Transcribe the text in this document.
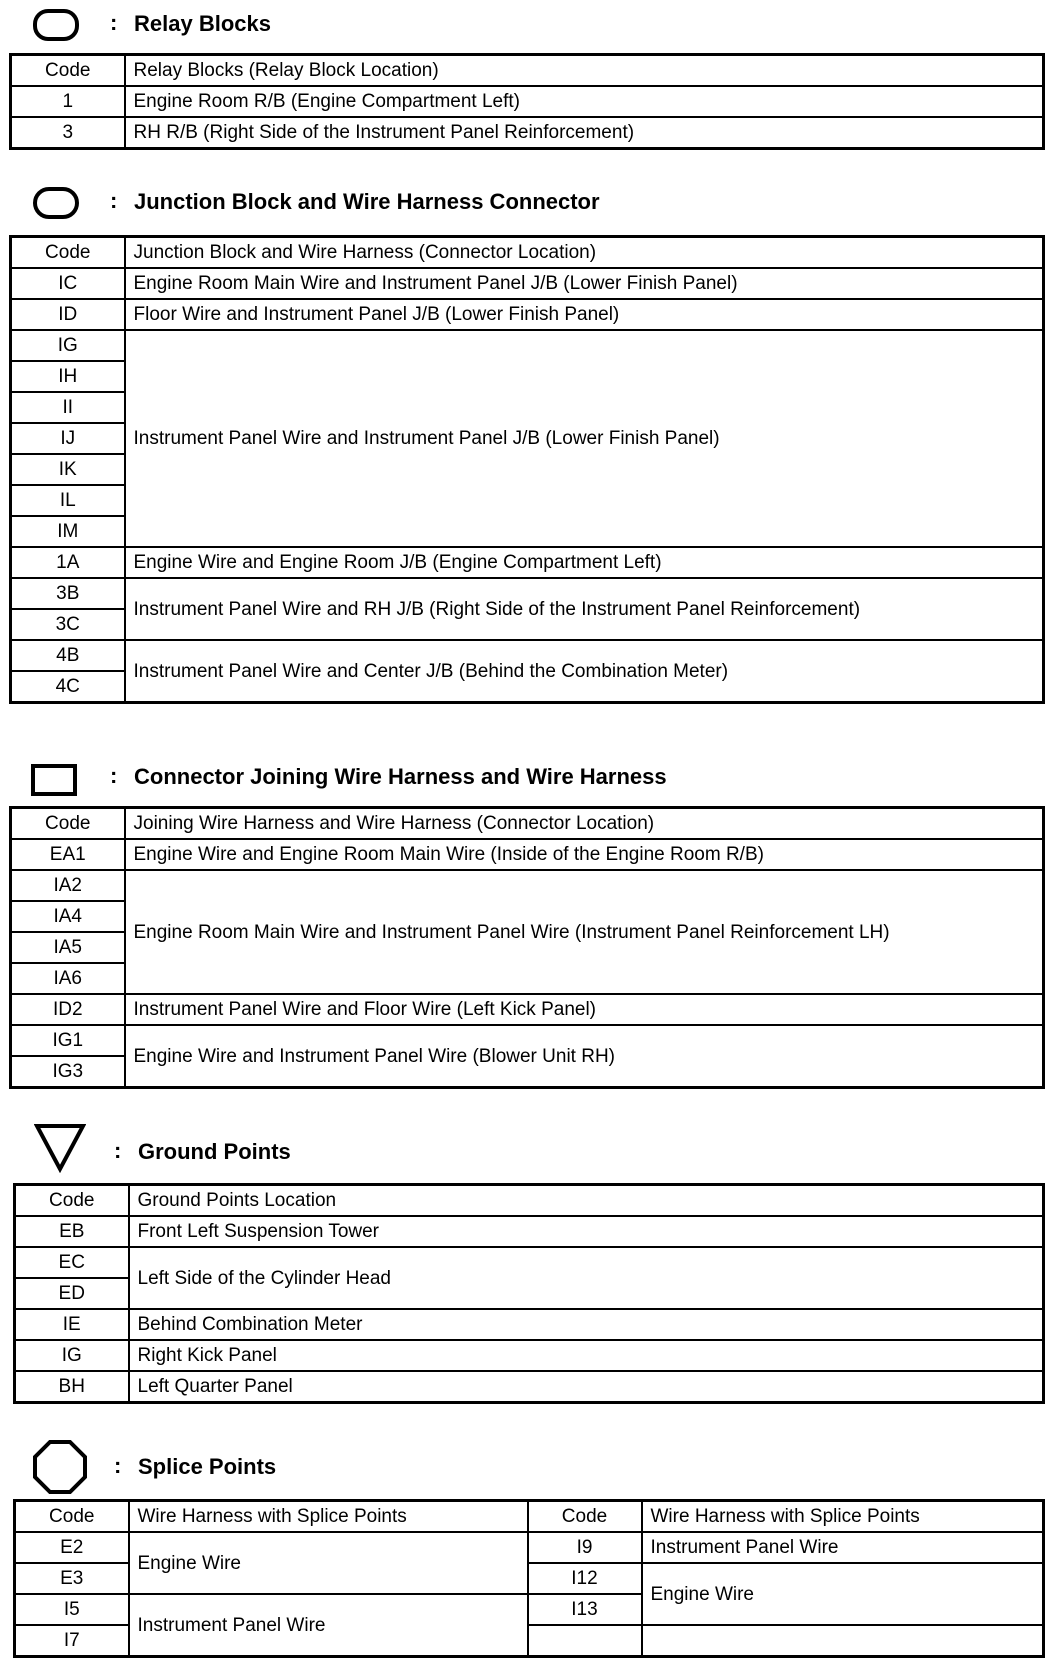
: Relay Blocks
Code	Relay Blocks (Relay Block Location)
1	Engine Room R/B (Engine Compartment Left)
3	RH R/B (Right Side of the Instrument Panel Reinforcement)
: Junction Block and Wire Harness Connector
Code	Junction Block and Wire Harness (Connector Location)
IC	Engine Room Main Wire and Instrument Panel J/B (Lower Finish Panel)
ID	Floor Wire and Instrument Panel J/B (Lower Finish Panel)
IG	Instrument Panel Wire and Instrument Panel J/B (Lower Finish Panel)
IH	
II	
IJ	
IK	
IL	
IM	
1A	Engine Wire and Engine Room J/B (Engine Compartment Left)
3B	Instrument Panel Wire and RH J/B (Right Side of the Instrument Panel Reinforcement)
3C	
4B	Instrument Panel Wire and Center J/B (Behind the Combination Meter)
4C	
: Connector Joining Wire Harness and Wire Harness
Code	Joining Wire Harness and Wire Harness (Connector Location)
EA1	Engine Wire and Engine Room Main Wire (Inside of the Engine Room R/B)
IA2	Engine Room Main Wire and Instrument Panel Wire (Instrument Panel Reinforcement LH)
IA4	
IA5	
IA6	
ID2	Instrument Panel Wire and Floor Wire (Left Kick Panel)
IG1	Engine Wire and Instrument Panel Wire (Blower Unit RH)
IG3	
: Ground Points
Code	Ground Points Location
EB	Front Left Suspension Tower
EC	Left Side of the Cylinder Head
ED	
IE	Behind Combination Meter
IG	Right Kick Panel
BH	Left Quarter Panel
: Splice Points
Code	Wire Harness with Splice Points	Code	Wire Harness with Splice Points
E2	Engine Wire	I9	Instrument Panel Wire
E3		I12	Engine Wire
I5	Instrument Panel Wire	I13	
I7			
